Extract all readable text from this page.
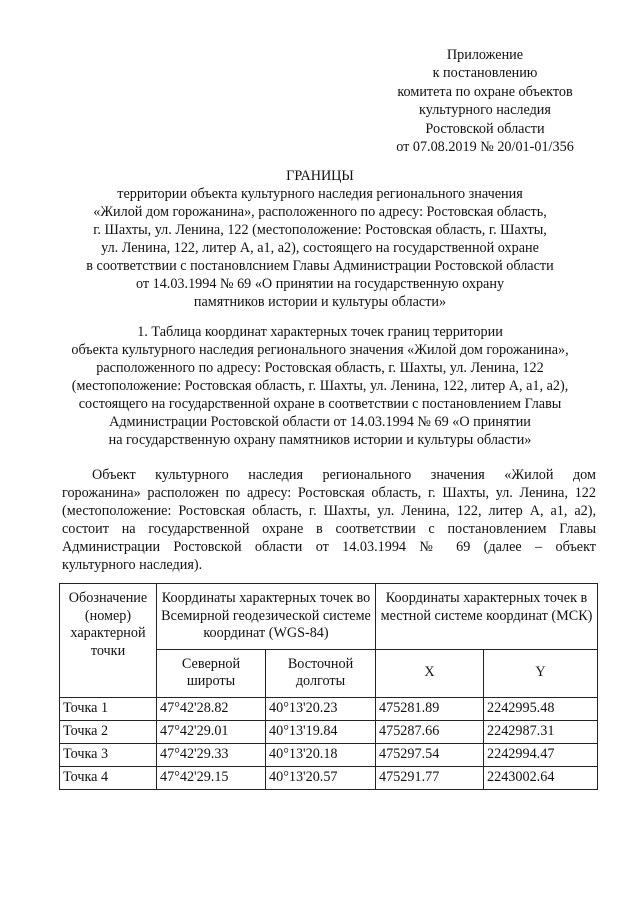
Приложение
к постановлению
комитета по охране объектов
культурного наследия
Ростовской области
от 07.08.2019 № 20/01-01/356
ГРАНИЦЫ
территории объекта культурного наследия регионального значения
«Жилой дом горожанина», расположенного по адресу: Ростовская область,
г. Шахты, ул. Ленина, 122 (местоположение: Ростовская область, г. Шахты,
ул. Ленина, 122, литер А, а1, а2), состоящего на государственной охране
в соответствии с постановлснием Главы Администрации Ростовской области
от 14.03.1994 № 69 «О принятии на государственную охрану
памятников истории и культуры области»
1. Таблица координат характерных точек границ территории
объекта культурного наследия регионального значения «Жилой дом горожанина»,
расположенного по адресу: Ростовская область, г. Шахты, ул. Ленина, 122
(местоположение: Ростовская область, г. Шахты, ул. Ленина, 122, литер А, а1, а2),
состоящего на государственной охране в соответствии с постановлением Главы
Администрации Ростовской области от 14.03.1994 № 69 «О принятии
на государственную охрану памятников истории и культуры области»
Объект культурного наследия регионального значения «Жилой дом
горожанина» расположен по адресу: Ростовская область, г. Шахты, ул. Ленина, 122
(местоположение: Ростовская область, г. Шахты, ул. Ленина, 122, литер А, а1, а2),
состоит на государственной охране в соответствии с постановлением Главы
Администрации Ростовской области от 14.03.1994 № 69 (далее – объект
культурного наследия).
Обозначение (номер) характерной точки	Координаты характерных точек во Всемирной геодезической системе координат (WGS-84)		Координаты характерных точек в местной системе координат (МСК)	
	Северной широты	Восточной долготы	X	Y
Точка 1	47°42'28.82	40°13'20.23	475281.89	2242995.48
Точка 2	47°42'29.01	40°13'19.84	475287.66	2242987.31
Точка 3	47°42'29.33	40°13'20.18	475297.54	2242994.47
Точка 4	47°42'29.15	40°13'20.57	475291.77	2243002.64
